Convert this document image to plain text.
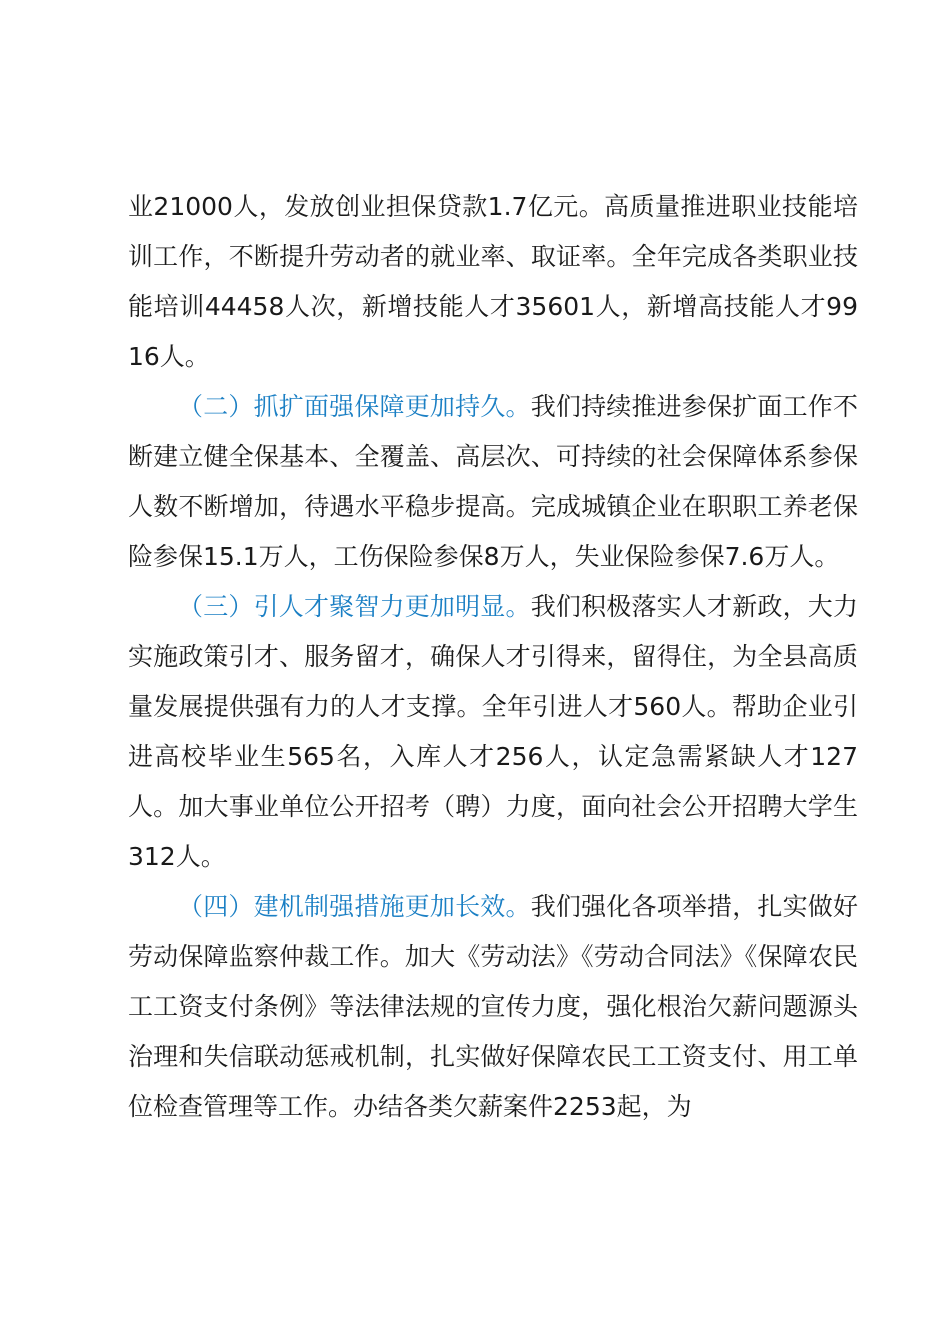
业21000人，发放创业担保贷款1.7亿元。高质量推进职业技能培训工作，不断提升劳动者的就业率、取证率。全年完成各类职业技能培训44458人次，新增技能人才35601人，新增高技能人才9916人。

（二）抓扩面强保障更加持久。我们持续推进参保扩面工作不断建立健全保基本、全覆盖、高层次、可持续的社会保障体系参保人数不断增加，待遇水平稳步提高。完成城镇企业在职职工养老保险参保15.1万人，工伤保险参保8万人，失业保险参保7.6万人。

（三）引人才聚智力更加明显。我们积极落实人才新政，大力实施政策引才、服务留才，确保人才引得来，留得住，为全县高质量发展提供强有力的人才支撑。全年引进人才560人。帮助企业引进高校毕业生565名，入库人才256人，认定急需紧缺人才127人。加大事业单位公开招考（聘）力度，面向社会公开招聘大学生312人。

（四）建机制强措施更加长效。我们强化各项举措，扎实做好劳动保障监察仲裁工作。加大《劳动法》《劳动合同法》《保障农民工工资支付条例》等法律法规的宣传力度，强化根治欠薪问题源头治理和失信联动惩戒机制，扎实做好保障农民工工资支付、用工单位检查管理等工作。办结各类欠薪案件2253起，为
